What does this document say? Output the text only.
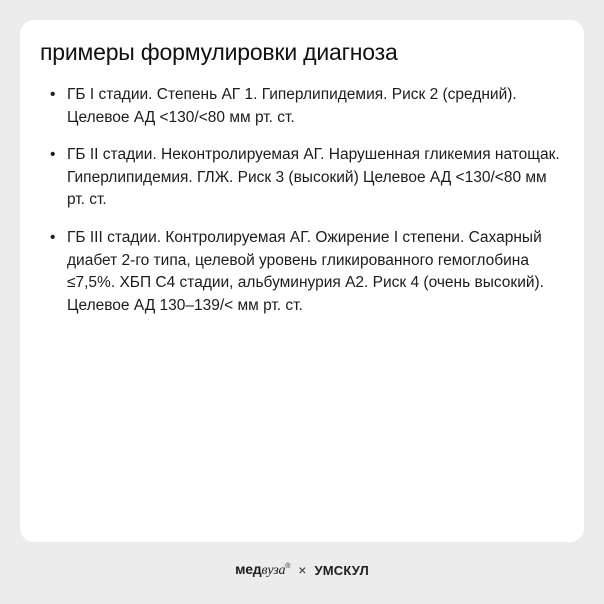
примеры формулировки диагноза
• ГБ I стадии. Степень АГ 1. Гиперлипидемия. Риск 2 (средний). Целевое АД <130/<80 мм рт. ст.
• ГБ II стадии. Неконтролируемая АГ. Нарушенная гликемия натощак. Гиперлипидемия. ГЛЖ. Риск 3 (высокий) Целевое АД <130/<80 мм рт. ст.
• ГБ III стадии. Контролируемая АГ. Ожирение I степени. Сахарный диабет 2-го типа, целевой уровень гликированного гемоглобина ≤7,5%. ХБП С4 стадии, альбуминурия А2. Риск 4 (очень высокий). Целевое АД 130–139/< мм рт. ст.
медвуза® × УМСКУЛ
